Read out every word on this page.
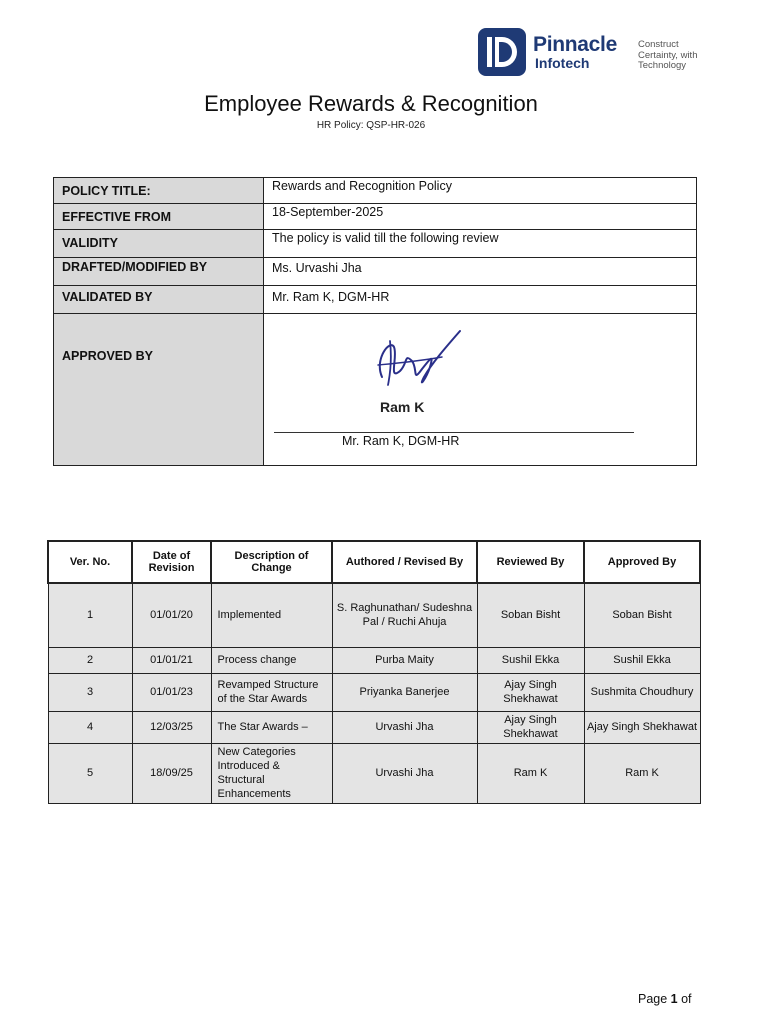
Pinnacle
Infotech
Construct
Certainty, with
Technology
Employee Rewards & Recognition
HR Policy: QSP-HR-026
POLICY TITLE:	Rewards and Recognition Policy
EFFECTIVE FROM	18-September-2025
VALIDITY	The policy is valid till the following review
DRAFTED/MODIFIED BY	Ms. Urvashi Jha
VALIDATED BY	Mr. Ram K, DGM-HR
APPROVED BY	Ram K
Mr. Ram K, DGM-HR
Ver. No.	Date of Revision	Description of Change	Authored / Revised By	Reviewed By	Approved By
1	01/01/20	Implemented	S. Raghunathan/ Sudeshna Pal / Ruchi Ahuja	Soban Bisht	Soban Bisht
2	01/01/21	Process change	Purba Maity	Sushil Ekka	Sushil Ekka
3	01/01/23	Revamped Structure of the Star Awards	Priyanka Banerjee	Ajay Singh Shekhawat	Sushmita Choudhury
4	12/03/25	The Star Awards –	Urvashi Jha	Ajay Singh Shekhawat	Ajay Singh Shekhawat
5	18/09/25	New Categories Introduced & Structural Enhancements	Urvashi Jha	Ram K	Ram K
Page 1 of
